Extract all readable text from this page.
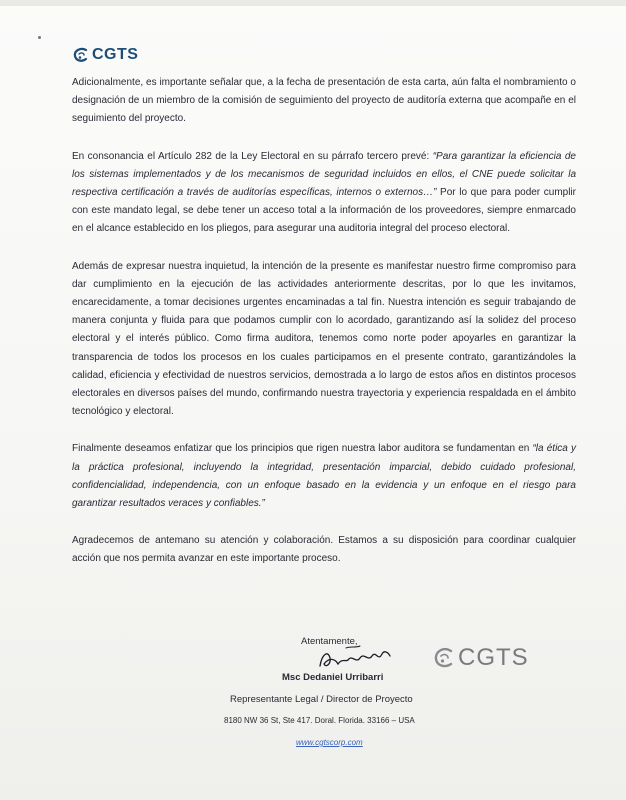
CGTS

Adicionalmente, es importante señalar que, a la fecha de presentación de esta carta, aún falta el nombramiento o designación de un miembro de la comisión de seguimiento del proyecto de auditoría externa que acompañe en el seguimiento del proyecto.

En consonancia el Artículo 282 de la Ley Electoral en su párrafo tercero prevé: “Para garantizar la eficiencia de los sistemas implementados y de los mecanismos de seguridad incluidos en ellos, el CNE puede solicitar la respectiva certificación a través de auditorías específicas, internos o externos…” Por lo que para poder cumplir con este mandato legal, se debe tener un acceso total a la información de los proveedores, siempre enmarcado en el alcance establecido en los pliegos, para asegurar una auditoria integral del proceso electoral.

Además de expresar nuestra inquietud, la intención de la presente es manifestar nuestro firme compromiso para dar cumplimiento en la ejecución de las actividades anteriormente descritas, por lo que les invitamos, encarecidamente, a tomar decisiones urgentes encaminadas a tal fin. Nuestra intención es seguir trabajando de manera conjunta y fluida para que podamos cumplir con lo acordado, garantizando así la solidez del proceso electoral y el interés público. Como firma auditora, tenemos como norte poder apoyarles en garantizar la transparencia de todos los procesos en los cuales participamos en el presente contrato, garantizándoles la calidad, eficiencia y efectividad de nuestros servicios, demostrada a lo largo de estos años en distintos procesos electorales en diversos países del mundo, confirmando nuestra trayectoria y experiencia respaldada en el ámbito tecnológico y electoral.

Finalmente deseamos enfatizar que los principios que rigen nuestra labor auditora se fundamentan en “la ética y la práctica profesional, incluyendo la integridad, presentación imparcial, debido cuidado profesional, confidencialidad, independencia, con un enfoque basado en la evidencia y un enfoque en el riesgo para garantizar resultados veraces y confiables.”

Agradecemos de antemano su atención y colaboración. Estamos a su disposición para coordinar cualquier acción que nos permita avanzar en este importante proceso.

Atentamente,
CGTS
Msc Dedaniel Urribarri
Representante Legal / Director de Proyecto
8180 NW 36 St, Ste 417. Doral. Florida. 33166 – USA
www.cgtscorp.com
